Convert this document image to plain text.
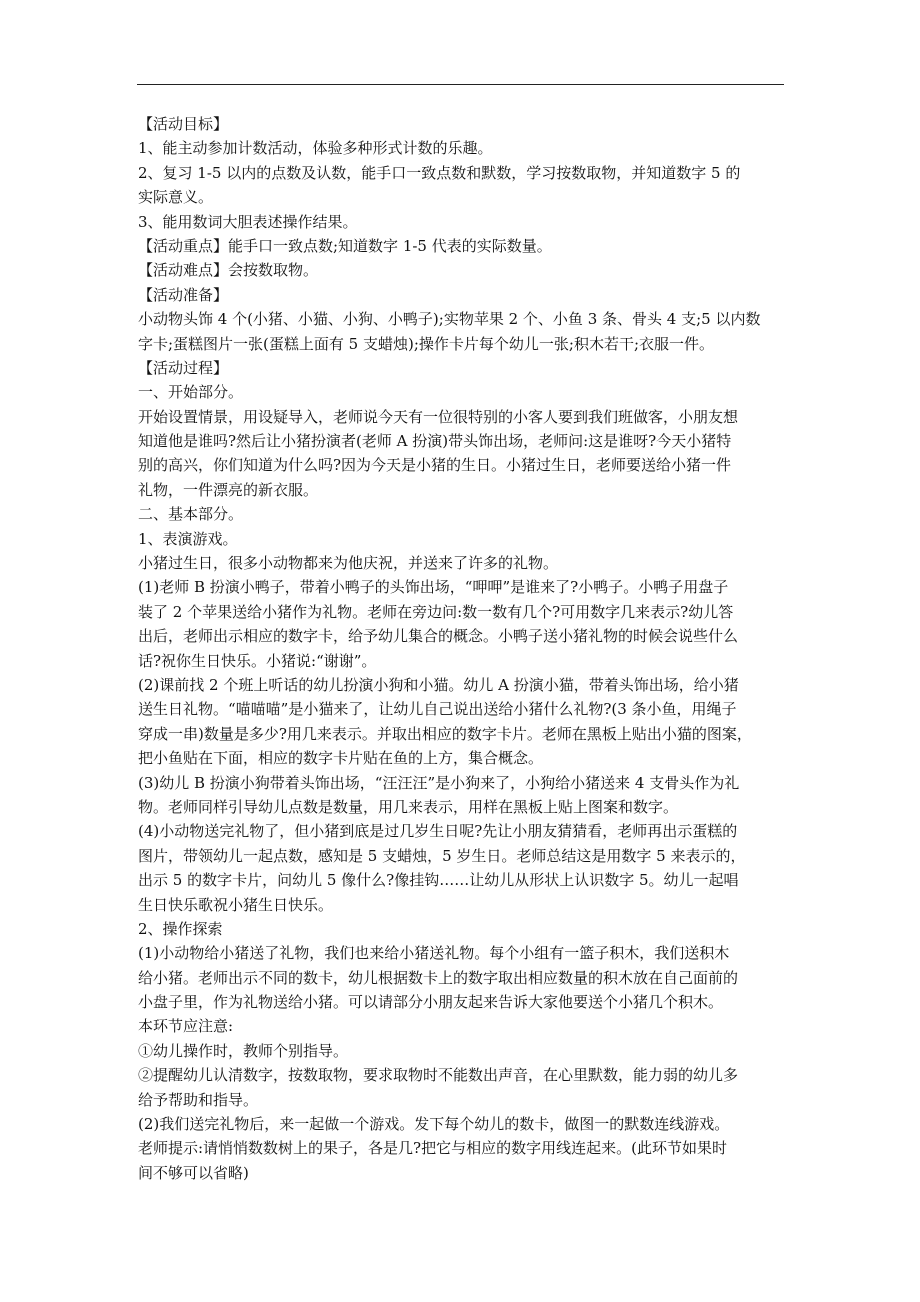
【活动目标】

1、能主动参加计数活动，体验多种形式计数的乐趣。

2、复习 1-5 以内的点数及认数，能手口一致点数和默数，学习按数取物，并知道数字 5 的

实际意义。

3、能用数词大胆表述操作结果。

【活动重点】能手口一致点数;知道数字 1-5 代表的实际数量。

【活动难点】会按数取物。

【活动准备】

小动物头饰 4 个(小猪、小猫、小狗、小鸭子);实物苹果 2 个、小鱼 3 条、骨头 4 支;5 以内数

字卡;蛋糕图片一张(蛋糕上面有 5 支蜡烛);操作卡片每个幼儿一张;积木若干;衣服一件。

【活动过程】

一、开始部分。

开始设置情景，用设疑导入，老师说今天有一位很特别的小客人要到我们班做客，小朋友想

知道他是谁吗?然后让小猪扮演者(老师 A 扮演)带头饰出场，老师问:这是谁呀?今天小猪特

别的高兴，你们知道为什么吗?因为今天是小猪的生日。小猪过生日，老师要送给小猪一件

礼物，一件漂亮的新衣服。

二、基本部分。

1、表演游戏。

小猪过生日，很多小动物都来为他庆祝，并送来了许多的礼物。

(1)老师 B 扮演小鸭子，带着小鸭子的头饰出场，“呷呷”是谁来了?小鸭子。小鸭子用盘子

装了 2 个苹果送给小猪作为礼物。老师在旁边问:数一数有几个?可用数字几来表示?幼儿答

出后，老师出示相应的数字卡，给予幼儿集合的概念。小鸭子送小猪礼物的时候会说些什么

话?祝你生日快乐。小猪说:“谢谢”。

(2)课前找 2 个班上听话的幼儿扮演小狗和小猫。幼儿 A 扮演小猫，带着头饰出场，给小猪

送生日礼物。“喵喵喵”是小猫来了，让幼儿自己说出送给小猪什么礼物?(3 条小鱼，用绳子

穿成一串)数量是多少?用几来表示。并取出相应的数字卡片。老师在黑板上贴出小猫的图案，

把小鱼贴在下面，相应的数字卡片贴在鱼的上方，集合概念。

(3)幼儿 B 扮演小狗带着头饰出场，“汪汪汪”是小狗来了，小狗给小猪送来 4 支骨头作为礼

物。老师同样引导幼儿点数是数量，用几来表示，用样在黑板上贴上图案和数字。

(4)小动物送完礼物了，但小猪到底是过几岁生日呢?先让小朋友猜猜看，老师再出示蛋糕的

图片，带领幼儿一起点数，感知是 5 支蜡烛，5 岁生日。老师总结这是用数字 5 来表示的，

出示 5 的数字卡片，问幼儿 5 像什么?像挂钩……让幼儿从形状上认识数字 5。幼儿一起唱

生日快乐歌祝小猪生日快乐。

2、操作探索

(1)小动物给小猪送了礼物，我们也来给小猪送礼物。每个小组有一篮子积木，我们送积木

给小猪。老师出示不同的数卡，幼儿根据数卡上的数字取出相应数量的积木放在自己面前的

小盘子里，作为礼物送给小猪。可以请部分小朋友起来告诉大家他要送个小猪几个积木。

本环节应注意:

①幼儿操作时，教师个别指导。

②提醒幼儿认清数字，按数取物，要求取物时不能数出声音，在心里默数，能力弱的幼儿多

给予帮助和指导。

(2)我们送完礼物后，来一起做一个游戏。发下每个幼儿的数卡，做图一的默数连线游戏。

老师提示:请悄悄数数树上的果子，各是几?把它与相应的数字用线连起来。(此环节如果时

间不够可以省略)
